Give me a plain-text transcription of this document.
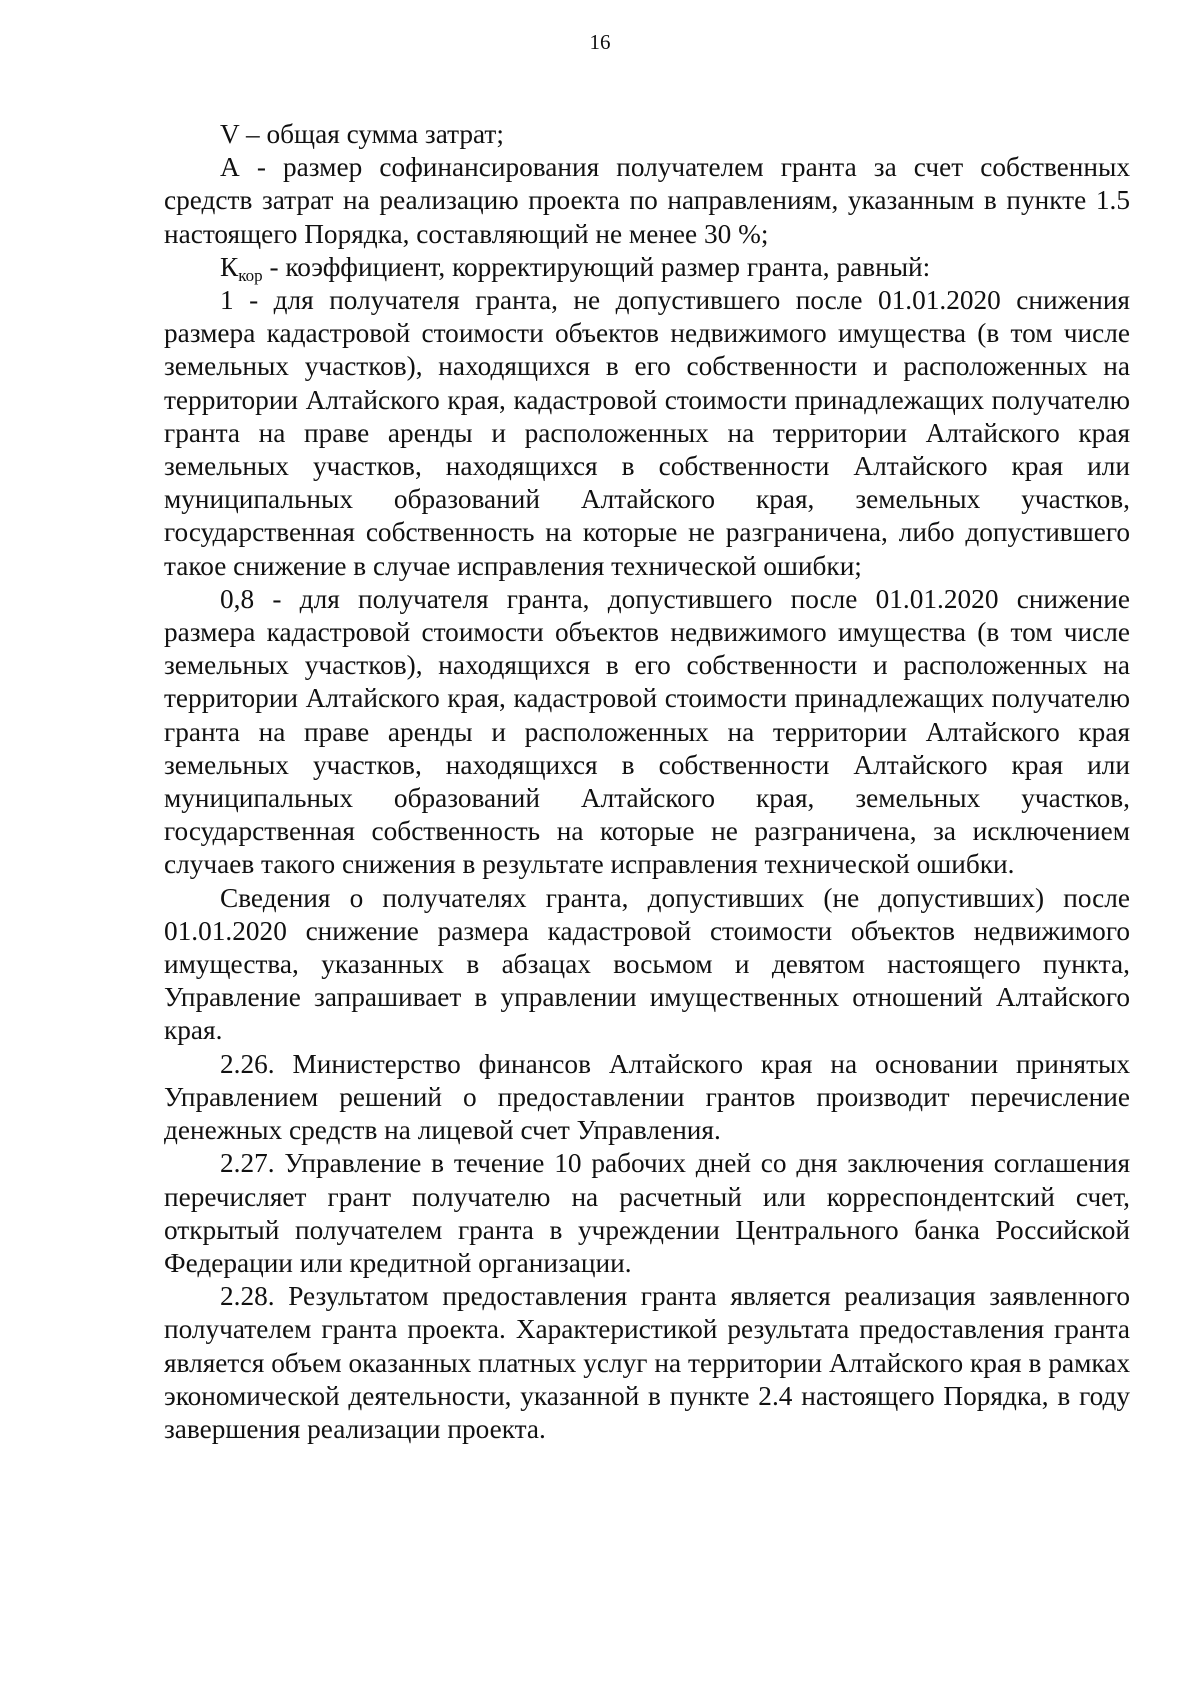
16

V – общая сумма затрат;

А - размер софинансирования получателем гранта за счет собственных средств затрат на реализацию проекта по направлениям, указанным в пункте 1.5 настоящего Порядка, составляющий не менее 30 %;

$К_{кор}$ - коэффициент, корректирующий размер гранта, равный:

1 - для получателя гранта, не допустившего после 01.01.2020 снижения размера кадастровой стоимости объектов недвижимого имущества (в том числе земельных участков), находящихся в его собственности и расположенных на территории Алтайского края, кадастровой стоимости принадлежащих получателю гранта на праве аренды и расположенных на территории Алтайского края земельных участков, находящихся в собственности Алтайского края или муниципальных образований Алтайского края, земельных участков, государственная собственность на которые не разграничена, либо допустившего такое снижение в случае исправления технической ошибки;

0,8 - для получателя гранта, допустившего после 01.01.2020 снижение размера кадастровой стоимости объектов недвижимого имущества (в том числе земельных участков), находящихся в его собственности и расположенных на территории Алтайского края, кадастровой стоимости принадлежащих получателю гранта на праве аренды и расположенных на территории Алтайского края земельных участков, находящихся в собственности Алтайского края или муниципальных образований Алтайского края, земельных участков, государственная собственность на которые не разграничена, за исключением случаев такого снижения в результате исправления технической ошибки.

Сведения о получателях гранта, допустивших (не допустивших) после 01.01.2020 снижение размера кадастровой стоимости объектов недвижимого имущества, указанных в абзацах восьмом и девятом настоящего пункта, Управление запрашивает в управлении имущественных отношений Алтайского края.

2.26. Министерство финансов Алтайского края на основании принятых Управлением решений о предоставлении грантов производит перечисление денежных средств на лицевой счет Управления.

2.27. Управление в течение 10 рабочих дней со дня заключения соглашения перечисляет грант получателю на расчетный или корреспондентский счет, открытый получателем гранта в учреждении Центрального банка Российской Федерации или кредитной организации.

2.28. Результатом предоставления гранта является реализация заявленного получателем гранта проекта. Характеристикой результата предоставления гранта является объем оказанных платных услуг на территории Алтайского края в рамках экономической деятельности, указанной в пункте 2.4 настоящего Порядка, в году завершения реализации проекта.
